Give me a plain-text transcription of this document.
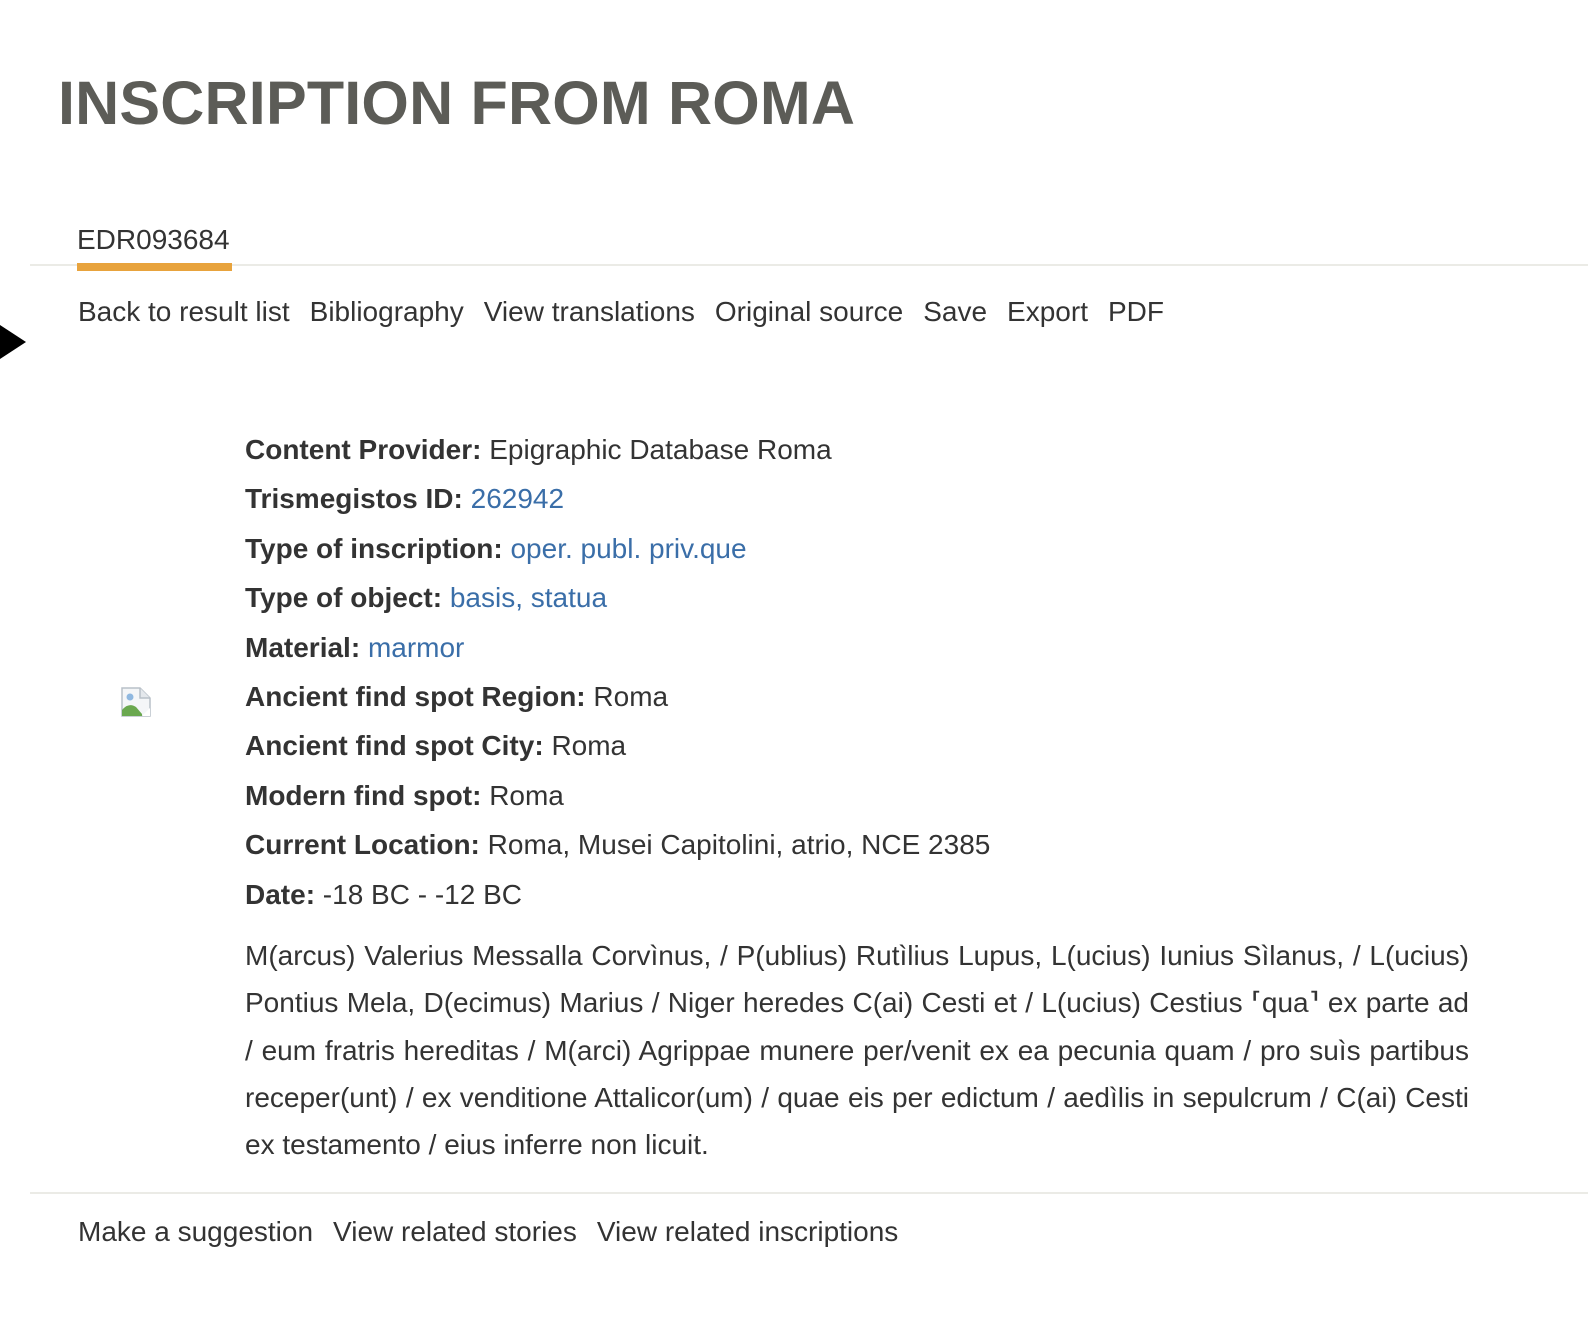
INSCRIPTION FROM ROMA
EDR093684
Back to result list Bibliography View translations Original source Save Export PDF
Content Provider: Epigraphic Database Roma
Trismegistos ID: 262942
Type of inscription: oper. publ. priv.que
Type of object: basis, statua
Material: marmor
Ancient find spot Region: Roma
Ancient find spot City: Roma
Modern find spot: Roma
Current Location: Roma, Musei Capitolini, atrio, NCE 2385
Date: -18 BC - -12 BC

M(arcus) Valerius Messalla Corvìnus, / P(ublius) Rutìlius Lupus, L(ucius) Iunius Sìlanus, / L(ucius) Pontius Mela, D(ecimus) Marius / Niger heredes C(ai) Cesti et / L(ucius) Cestius ⸢qua⸣ ex parte ad / eum fratris hereditas / M(arci) Agrippae munere per/venit ex ea pecunia quam / pro suìs partibus receper(unt) / ex venditione Attalicor(um) / quae eis per edictum / aedìlis in sepulcrum / C(ai) Cesti ex testamento / eius inferre non licuit.

Make a suggestion View related stories View related inscriptions
